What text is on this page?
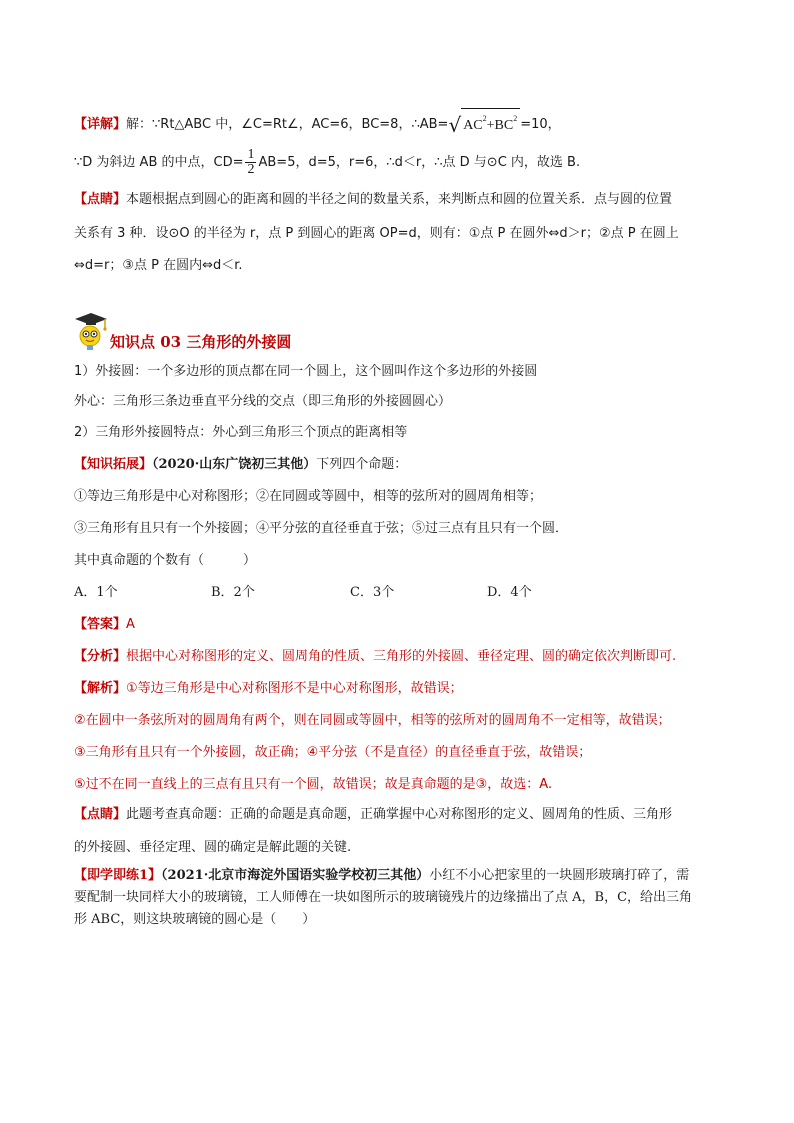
【详解】解：∵Rt△ABC 中，∠C=Rt∠，AC=6，BC=8，∴AB= √ $AC^2+BC^2 =10$，
∵D 为斜边 AB 的中点，$CD= \frac{1}{2} AB=5$，d=5，r=6，∴d＜r，∴点 D 与⊙C 内，故选 B.
【点睛】本题根据点到圆心的距离和圆的半径之间的数量关系，来判断点和圆的位置关系．点与圆的位置
关系有 3 种．设⊙O 的半径为 r，点 P 到圆心的距离 OP=d，则有：①点 P 在圆外⇔d＞r；②点 P 在圆上
⇔d=r；③点 P 在圆内⇔d＜r.
知识点 03 三角形的外接圆
1）外接圆：一个多边形的顶点都在同一个圆上，这个圆叫作这个多边形的外接圆
外心：三角形三条边垂直平分线的交点（即三角形的外接圆圆心）
2）三角形外接圆特点：外心到三角形三个顶点的距离相等
【知识拓展】（2020·山东广饶初三其他）下列四个命题：
①等边三角形是中心对称图形；②在同圆或等圆中，相等的弦所对的圆周角相等；
③三角形有且只有一个外接圆；④平分弦的直径垂直于弦；⑤过三点有且只有一个圆．
其中真命题的个数有（　　　）
A．1个	B．2个	C．3个	D．4个
【答案】A
【分析】根据中心对称图形的定义、圆周角的性质、三角形的外接圆、垂径定理、圆的确定依次判断即可.
【解析】①等边三角形是中心对称图形不是中心对称图形，故错误；
②在圆中一条弦所对的圆周角有两个，则在同圆或等圆中，相等的弦所对的圆周角不一定相等，故错误；
③三角形有且只有一个外接圆，故正确；④平分弦（不是直径）的直径垂直于弦，故错误；
⑤过不在同一直线上的三点有且只有一个圆，故错误；故是真命题的是③，故选：A.
【点睛】此题考查真命题：正确的命题是真命题，正确掌握中心对称图形的定义、圆周角的性质、三角形
的外接圆、垂径定理、圆的确定是解此题的关键.
【即学即练1】（2021·北京市海淀外国语实验学校初三其他）小红不小心把家里的一块圆形玻璃打碎了，需
要配制一块同样大小的玻璃镜，工人师傅在一块如图所示的玻璃镜残片的边缘描出了点 A，B，C，给出三角
形 ABC，则这块玻璃镜的圆心是（　　）
